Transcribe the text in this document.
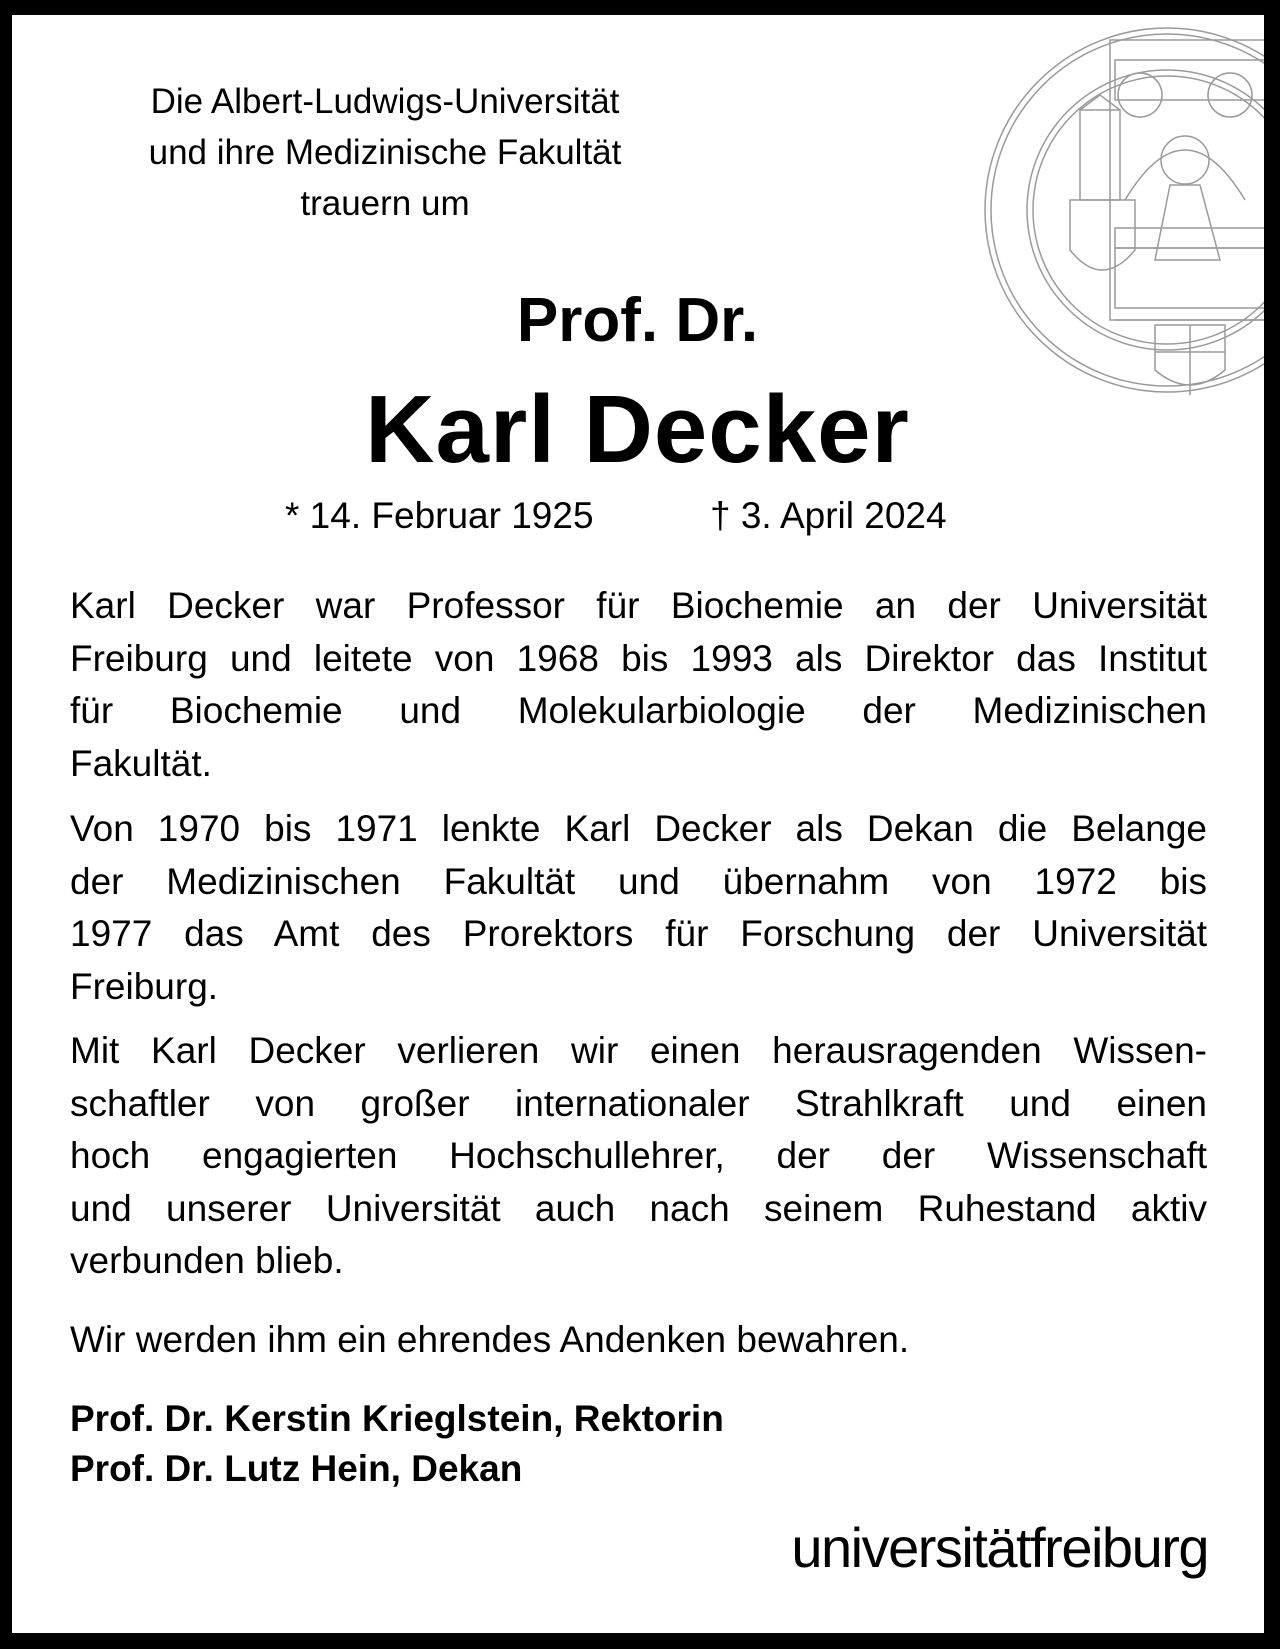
Die Albert-Ludwigs-Universität
und ihre Medizinische Fakultät
trauern um
Prof. Dr.
Karl Decker
* 14. Februar 1925	† 3. April 2024
Karl Decker war Professor für Biochemie an der Universität
Freiburg und leitete von 1968 bis 1993 als Direktor das Institut
für Biochemie und Molekularbiologie der Medizinischen
Fakultät.
Von 1970 bis 1971 lenkte Karl Decker als Dekan die Belange
der Medizinischen Fakultät und übernahm von 1972 bis
1977 das Amt des Prorektors für Forschung der Universität
Freiburg.
Mit Karl Decker verlieren wir einen herausragenden Wissen-
schaftler von großer internationaler Strahlkraft und einen
hoch engagierten Hochschullehrer, der der Wissenschaft
und unserer Universität auch nach seinem Ruhestand aktiv
verbunden blieb.
Wir werden ihm ein ehrendes Andenken bewahren.
Prof. Dr. Kerstin Krieglstein, Rektorin
Prof. Dr. Lutz Hein, Dekan
universitätfreiburg
